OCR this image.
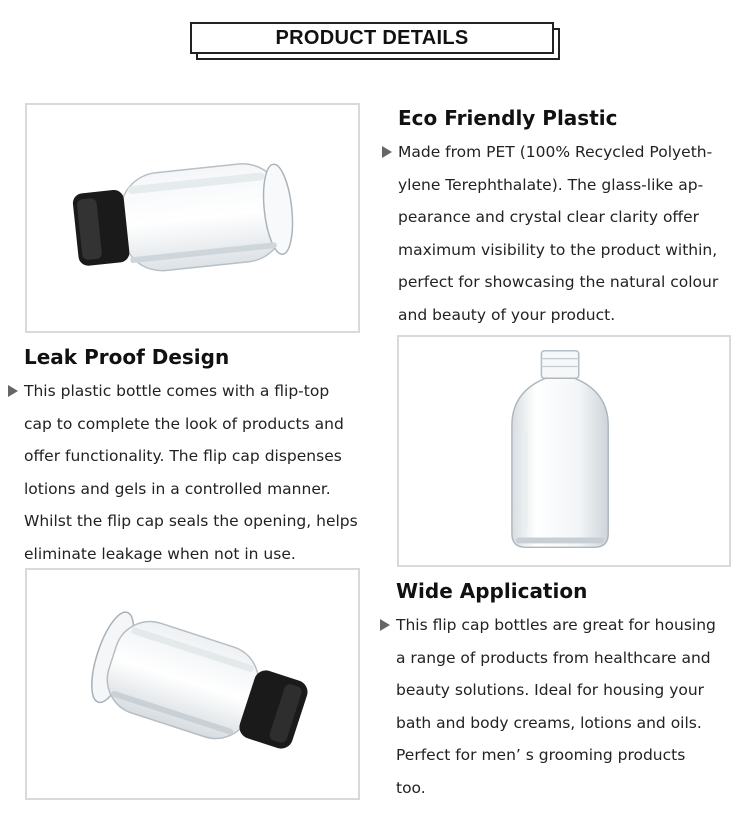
PRODUCT DETAILS
Eco Friendly Plastic
Made from PET (100% Recycled Polyeth-
ylene Terephthalate). The glass-like ap-
pearance and crystal clear clarity offer
maximum visibility to the product within,
perfect for showcasing the natural colour
and beauty of your product.
Leak Proof Design
This plastic bottle comes with a flip-top
cap to complete the look of products and
offer functionality. The flip cap dispenses
lotions and gels in a controlled manner.
Whilst the flip cap seals the opening, helps
eliminate leakage when not in use.
Wide Application
This flip cap bottles are great for housing
a range of products from healthcare and
beauty solutions. Ideal for housing your
bath and body creams, lotions and oils.
Perfect for men’ s grooming products
too.
